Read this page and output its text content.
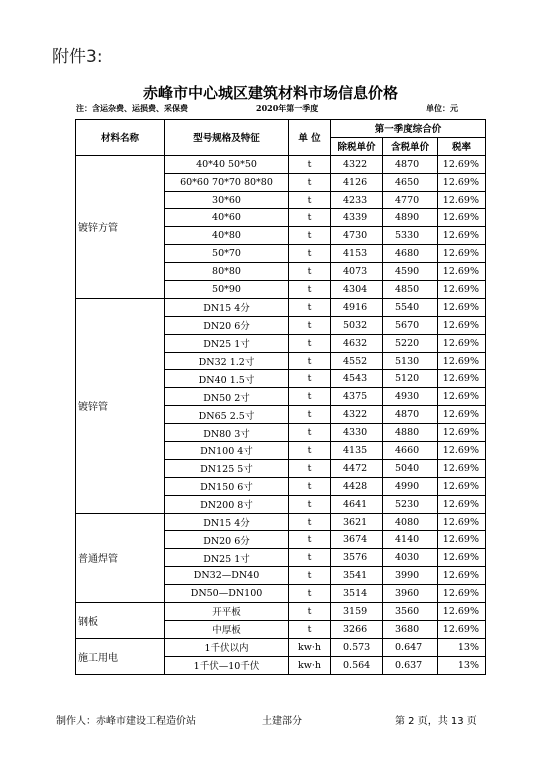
附件3:
赤峰市中心城区建筑材料市场信息价格
注：含运杂费、运损费、采保费	2020年第一季度	单位：元
材料名称	型号规格及特征	单 位	第一季度综合价		
			除税单价	含税单价	税率
镀锌方管	40*40 50*50	t	4322	4870	12.69%
	60*60 70*70 80*80	t	4126	4650	12.69%
	30*60	t	4233	4770	12.69%
	40*60	t	4339	4890	12.69%
	40*80	t	4730	5330	12.69%
	50*70	t	4153	4680	12.69%
	80*80	t	4073	4590	12.69%
	50*90	t	4304	4850	12.69%
镀锌管	DN15 4分	t	4916	5540	12.69%
	DN20 6分	t	5032	5670	12.69%
	DN25 1寸	t	4632	5220	12.69%
	DN32 1.2寸	t	4552	5130	12.69%
	DN40 1.5寸	t	4543	5120	12.69%
	DN50 2寸	t	4375	4930	12.69%
	DN65 2.5寸	t	4322	4870	12.69%
	DN80 3寸	t	4330	4880	12.69%
	DN100 4寸	t	4135	4660	12.69%
	DN125 5寸	t	4472	5040	12.69%
	DN150 6寸	t	4428	4990	12.69%
	DN200 8寸	t	4641	5230	12.69%
普通焊管	DN15 4分	t	3621	4080	12.69%
	DN20 6分	t	3674	4140	12.69%
	DN25 1寸	t	3576	4030	12.69%
	DN32—DN40	t	3541	3990	12.69%
	DN50—DN100	t	3514	3960	12.69%
钢板	开平板	t	3159	3560	12.69%
	中厚板	t	3266	3680	12.69%
施工用电	1千伏以内	kw·h	0.573	0.647	13%
	1千伏—10千伏	kw·h	0.564	0.637	13%
制作人：赤峰市建设工程造价站	土建部分	第 2 页，共 13 页
